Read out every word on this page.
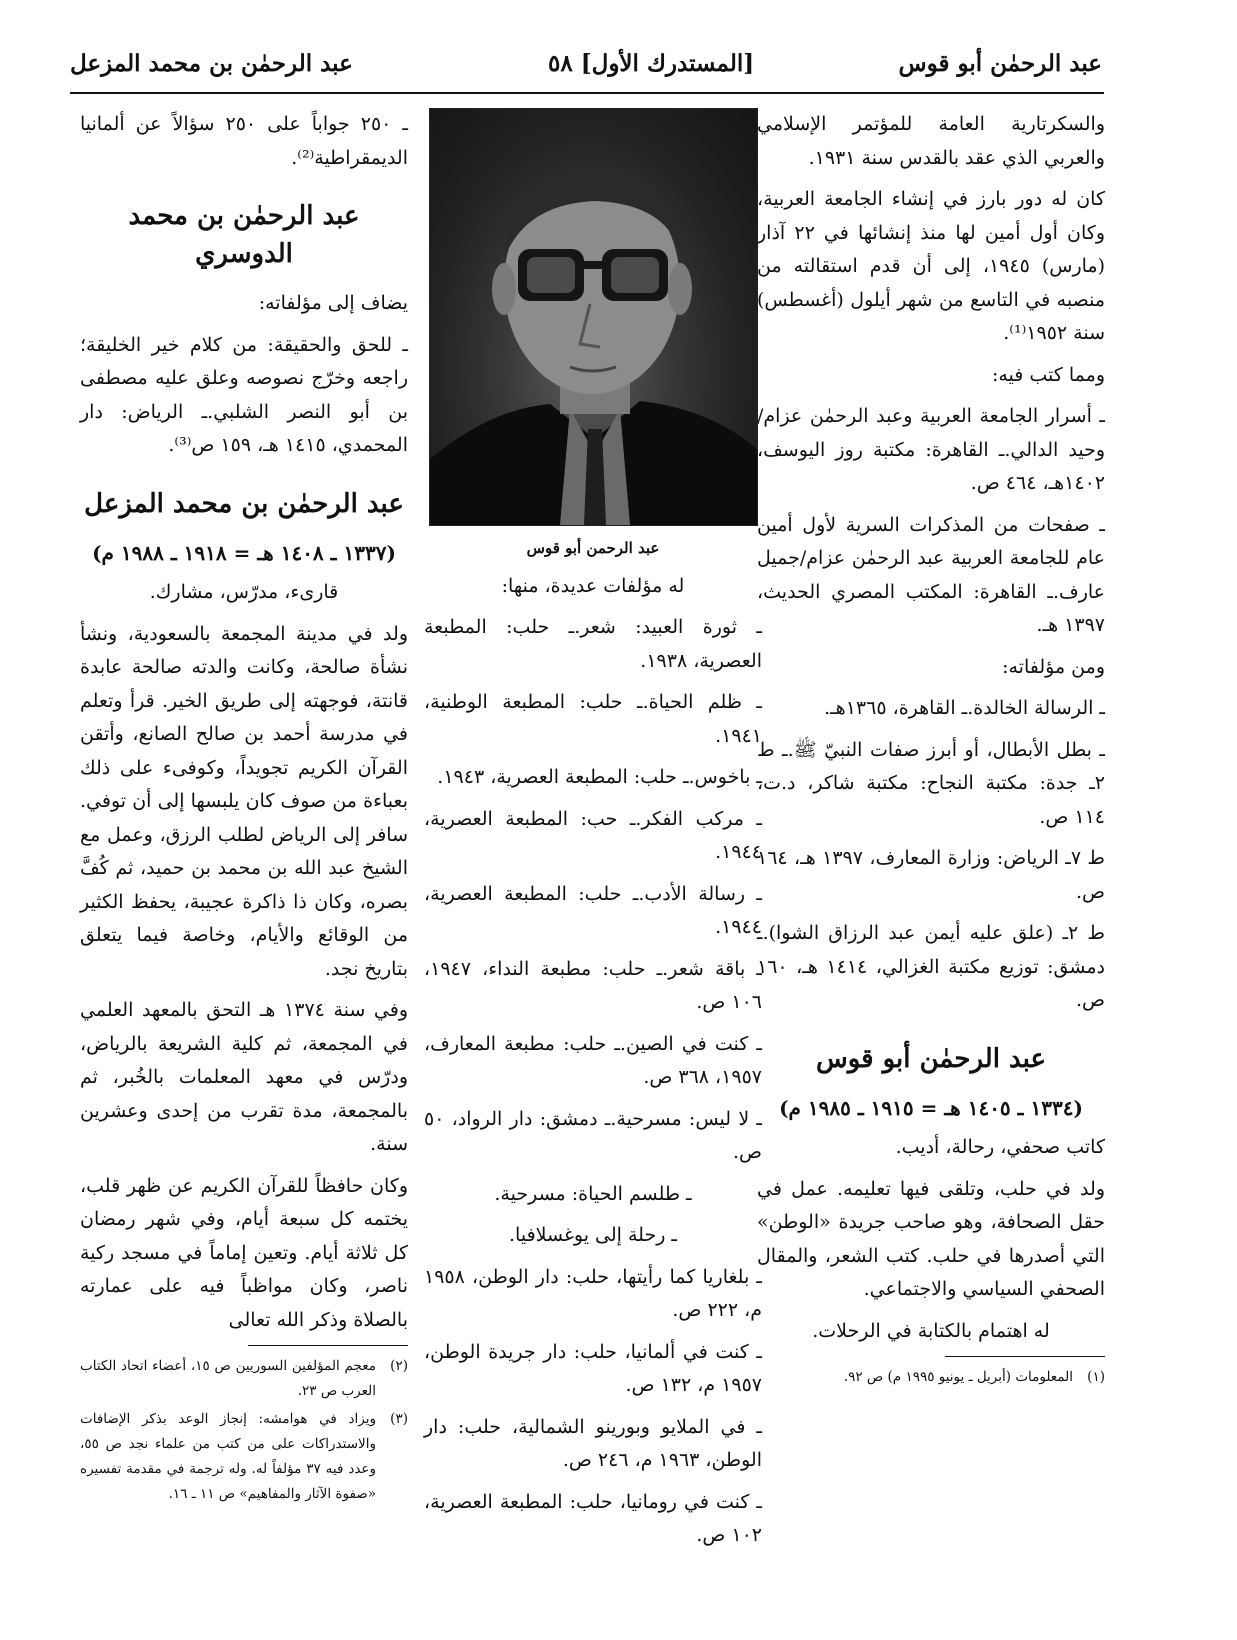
عبد الرحمٰن أبو قوس
[المستدرك الأول] ٥٨
عبد الرحمٰن بن محمد المزعل

والسكرتارية العامة للمؤتمر الإسلامي والعربي الذي عقد بالقدس سنة ١٩٣١.

كان له دور بارز في إنشاء الجامعة العربية، وكان أول أمين لها منذ إنشائها في ٢٢ آذار (مارس) ١٩٤٥، إلى أن قدم استقالته من منصبه في التاسع من شهر أيلول (أغسطس) سنة ١٩٥٢⁽¹⁾.

ومما كتب فيه:

ـ أسرار الجامعة العربية وعبد الرحمٰن عزام/وحيد الدالي.ـ القاهرة: مكتبة روز اليوسف، ١٤٠٢هـ، ٤٦٤ ص.

ـ صفحات من المذكرات السرية لأول أمين عام للجامعة العربية عبد الرحمٰن عزام/جميل عارف.ـ القاهرة: المكتب المصري الحديث، ١٣٩٧ هـ.

ومن مؤلفاته:

ـ الرسالة الخالدة.ـ القاهرة، ١٣٦٥هـ.

ـ بطل الأبطال، أو أبرز صفات النبيّ ﷺ.ـ ط ٢ـ جدة: مكتبة النجاح: مكتبة شاكر، د.ت، ١١٤ ص.

ط ٧ـ الرياض: وزارة المعارف، ١٣٩٧ هـ، ١٦٤ ص.

ط ٢ـ (علق عليه أيمن عبد الرزاق الشوا).ـ دمشق: توزيع مكتبة الغزالي، ١٤١٤ هـ، ١٦٠ ص.

عبد الرحمٰن أبو قوس
(١٣٣٤ ـ ١٤٠٥ هـ = ١٩١٥ ـ ١٩٨٥ م)

كاتب صحفي، رحالة، أديب.

ولد في حلب، وتلقى فيها تعليمه. عمل في حقل الصحافة، وهو صاحب جريدة «الوطن» التي أصدرها في حلب. كتب الشعر، والمقال الصحفي السياسي والاجتماعي.

له اهتمام بالكتابة في الرحلات.

(١)
المعلومات (أبريل ـ يونيو ١٩٩٥ م) ص ٩٢.
عبد الرحمن أبو قوس

له مؤلفات عديدة، منها:

ـ ثورة العبيد: شعر.ـ حلب: المطبعة العصرية، ١٩٣٨.

ـ ظلم الحياة.ـ حلب: المطبعة الوطنية، ١٩٤١.

ـ باخوس.ـ حلب: المطبعة العصرية، ١٩٤٣.

ـ مركب الفكر.ـ حب: المطبعة العصرية، ١٩٤٤.

ـ رسالة الأدب.ـ حلب: المطبعة العصرية، ١٩٤٤.

ـ باقة شعر.ـ حلب: مطبعة النداء، ١٩٤٧، ١٠٦ ص.

ـ كنت في الصين.ـ حلب: مطبعة المعارف، ١٩٥٧، ٣٦٨ ص.

ـ لا ليس: مسرحية.ـ دمشق: دار الرواد، ٥٠ ص.

ـ طلسم الحياة: مسرحية.

ـ رحلة إلى يوغسلافيا.

ـ بلغاريا كما رأيتها، حلب: دار الوطن، ١٩٥٨ م، ٢٢٢ ص.

ـ كنت في ألمانيا، حلب: دار جريدة الوطن، ١٩٥٧ م، ١٣٢ ص.

ـ في الملايو وبورينو الشمالية، حلب: دار الوطن، ١٩٦٣ م، ٢٤٦ ص.

ـ كنت في رومانيا، حلب: المطبعة العصرية، ١٠٢ ص.

ـ ٢٥٠ جواباً على ٢٥٠ سؤالاً عن ألمانيا الديمقراطية⁽²⁾.

عبد الرحمٰن بن محمد الدوسري

يضاف إلى مؤلفاته:

ـ للحق والحقيقة: من كلام خير الخليقة؛ راجعه وخرّج نصوصه وعلق عليه مصطفى بن أبو النصر الشلبي.ـ الرياض: دار المحمدي، ١٤١٥ هـ، ١٥٩ ص⁽³⁾.

عبد الرحمٰن بن محمد المزعل
(١٣٣٧ ـ ١٤٠٨ هـ = ١٩١٨ ـ ١٩٨٨ م)

قارىء، مدرّس، مشارك.

ولد في مدينة المجمعة بالسعودية، ونشأ نشأة صالحة، وكانت والدته صالحة عابدة قانتة، فوجهته إلى طريق الخير. قرأ وتعلم في مدرسة أحمد بن صالح الصانع، وأتقن القرآن الكريم تجويداً، وكوفىء على ذلك بعباءة من صوف كان يلبسها إلى أن توفي. سافر إلى الرياض لطلب الرزق، وعمل مع الشيخ عبد الله بن محمد بن حميد، ثم كُفَّ بصره، وكان ذا ذاكرة عجيبة، يحفظ الكثير من الوقائع والأيام، وخاصة فيما يتعلق بتاريخ نجد.

وفي سنة ١٣٧٤ هـ التحق بالمعهد العلمي في المجمعة، ثم كلية الشريعة بالرياض، ودرّس في معهد المعلمات بالخُبر، ثم بالمجمعة، مدة تقرب من إحدى وعشرين سنة.

وكان حافظاً للقرآن الكريم عن ظهر قلب، يختمه كل سبعة أيام، وفي شهر رمضان كل ثلاثة أيام. وتعين إماماً في مسجد ركية ناصر، وكان مواظباً فيه على عمارته بالصلاة وذكر الله تعالى

(٢)
معجم المؤلفين السوريين ص ١٥، أعضاء اتحاد الكتاب العرب ص ٢٣.
(٣)
ويزاد في هوامشه: إنجاز الوعد بذكر الإضافات والاستدراكات على من كتب من علماء نجد ص ٥٥، وعدد فيه ٣٧ مؤلفاً له. وله ترجمة في مقدمة تفسيره «صفوة الآثار والمفاهيم» ص ١١ ـ ١٦.
